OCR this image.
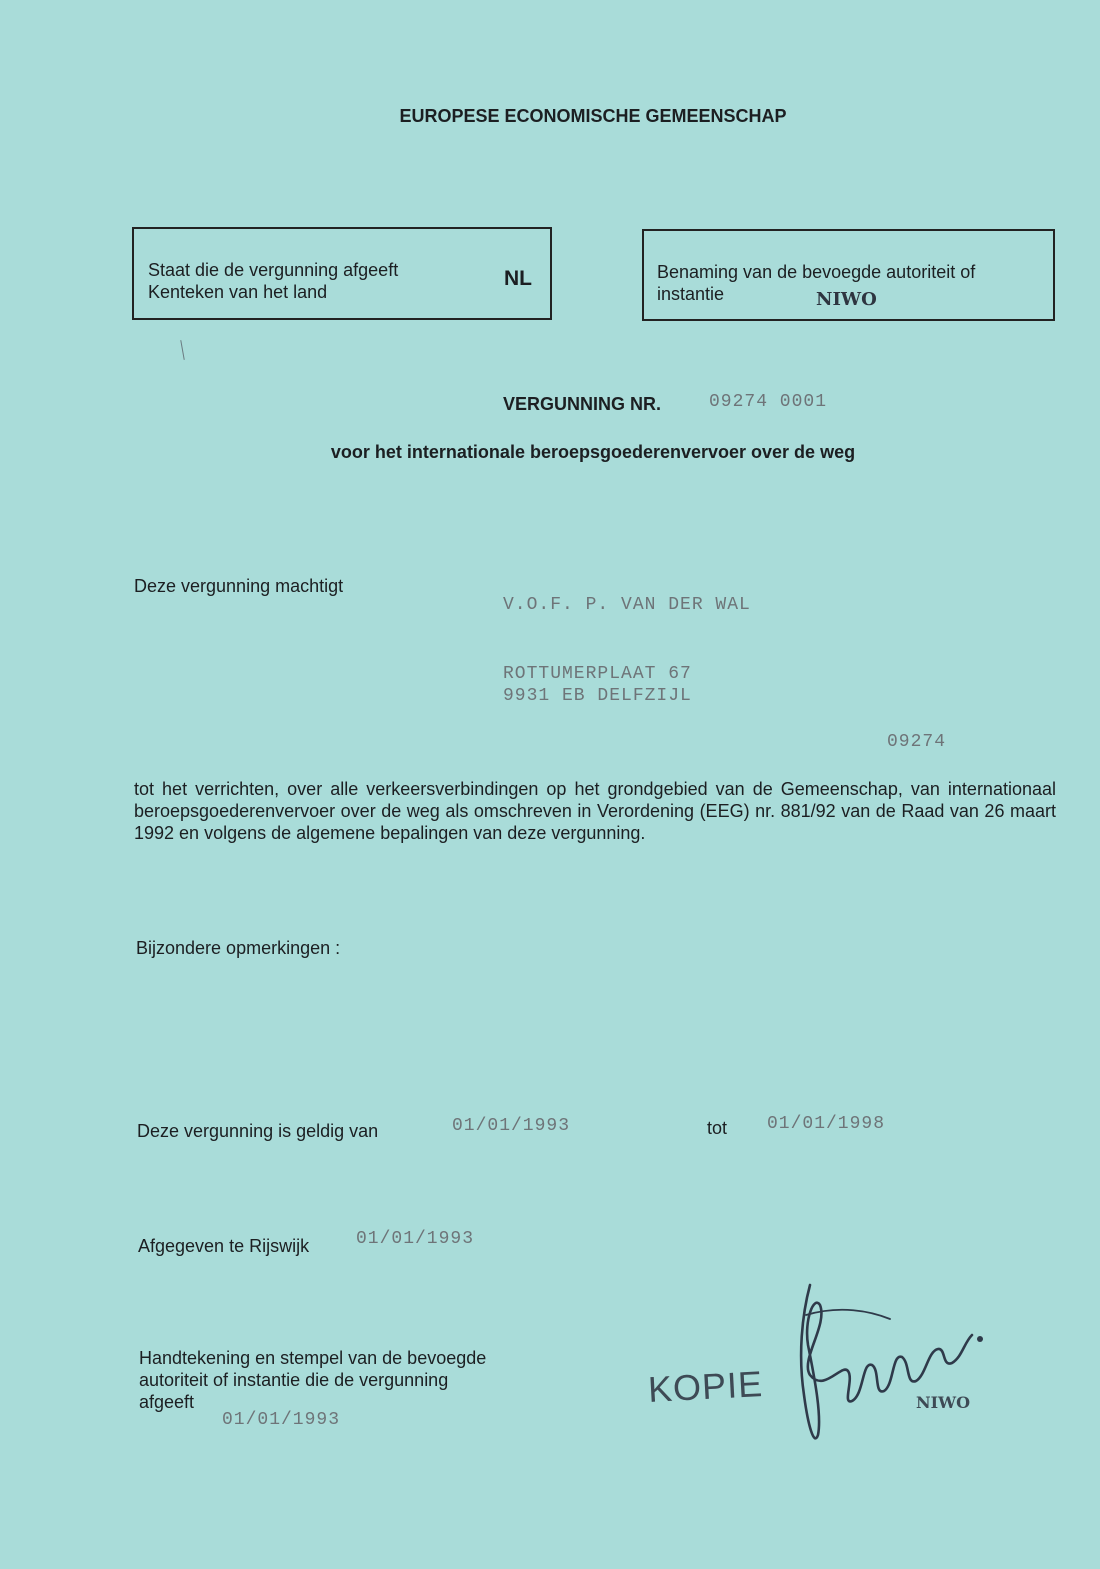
EUROPESE ECONOMISCHE GEMEENSCHAP
Staat die de vergunning afgeeft
Kenteken van het land
NL	Benaming van de bevoegde autoriteit of
instantie	NIWO
VERGUNNING NR.	09274 0001
voor het internationale beroepsgoederenvervoer over de weg
Deze vergunning machtigt
V.O.F. P. VAN DER WAL
ROTTUMERPLAAT 67
9931 EB DELFZIJL
09274
tot het verrichten, over alle verkeersverbindingen op het grondgebied van de Gemeenschap, van internationaal beroepsgoederenvervoer over de weg als omschreven in Verordening (EEG) nr. 881/92 van de Raad van 26 maart 1992 en volgens de algemene bepalingen van deze vergunning.
Bijzondere opmerkingen :
Deze vergunning is geldig van	01/01/1993	tot 01/01/1998
Afgegeven te Rijswijk	01/01/1993
Handtekening en stempel van de bevoegde
autoriteit of instantie die de vergunning
afgeeft
01/01/1993
KOPIE	NIWO
